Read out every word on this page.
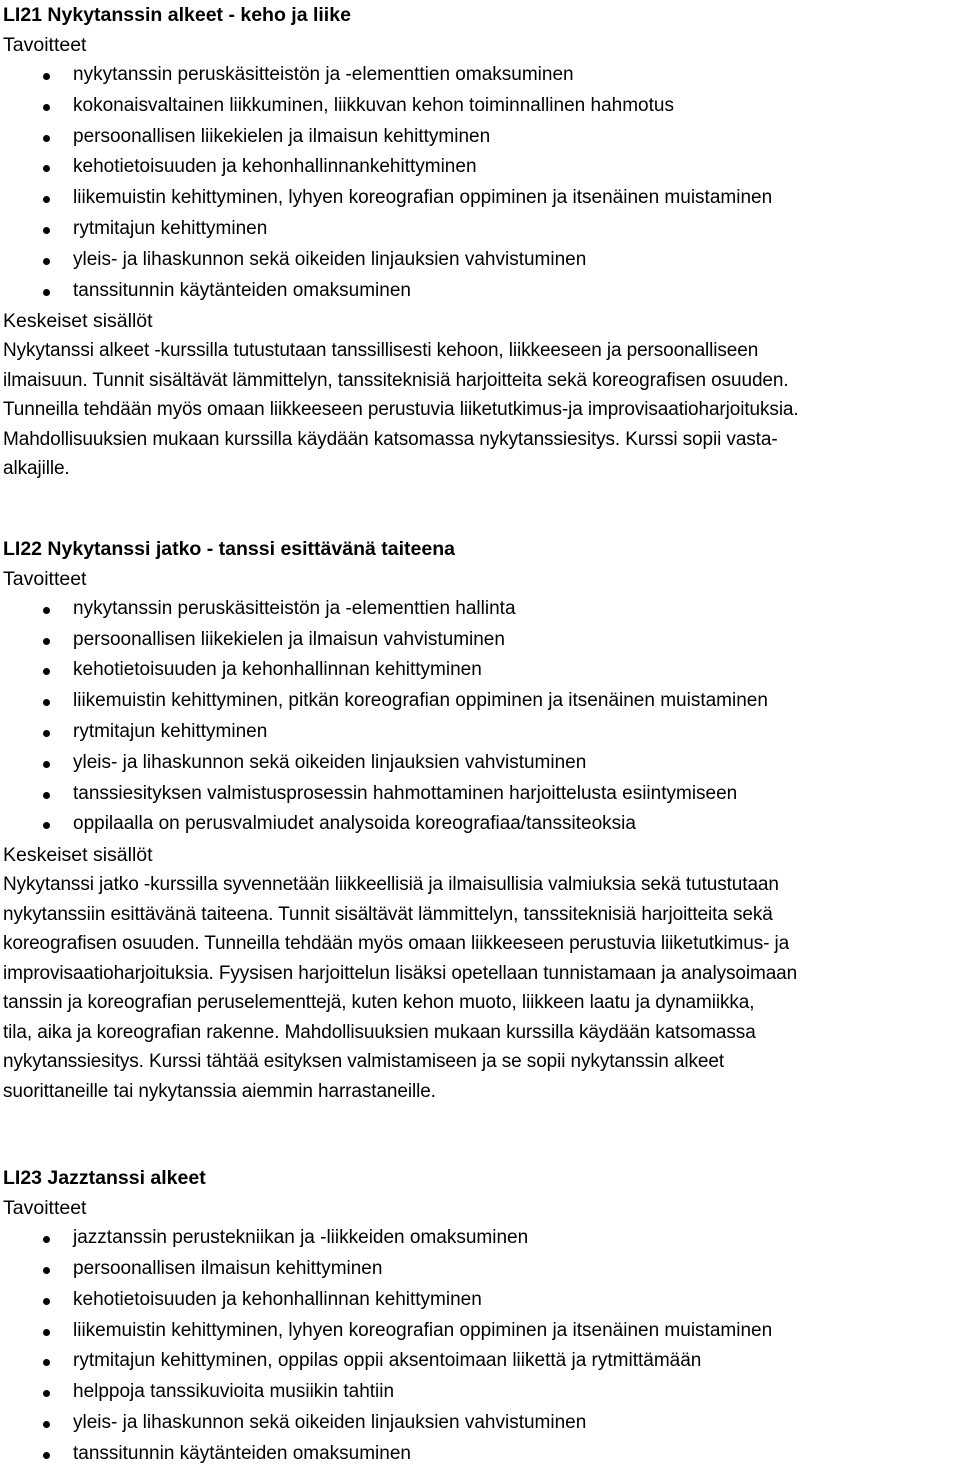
LI21 Nykytanssin alkeet - keho ja liike
Tavoitteet
nykytanssin peruskäsitteistön ja -elementtien omaksuminen
kokonaisvaltainen liikkuminen, liikkuvan kehon toiminnallinen hahmotus
persoonallisen liikekielen ja ilmaisun kehittyminen
kehotietoisuuden ja kehonhallinnankehittyminen
liikemuistin kehittyminen, lyhyen koreografian oppiminen ja itsenäinen muistaminen
rytmitajun kehittyminen
yleis- ja lihaskunnon sekä oikeiden linjauksien vahvistuminen
tanssitunnin käytänteiden omaksuminen
Keskeiset sisällöt
Nykytanssi alkeet -kurssilla tutustutaan tanssillisesti kehoon, liikkeeseen ja persoonalliseen
ilmaisuun. Tunnit sisältävät lämmittelyn, tanssiteknisiä harjoitteita sekä koreografisen osuuden.
Tunneilla tehdään myös omaan liikkeeseen perustuvia liiketutkimus-ja improvisaatioharjoituksia.
Mahdollisuuksien mukaan kurssilla käydään katsomassa nykytanssiesitys. Kurssi sopii vasta-
alkajille.
LI22 Nykytanssi jatko - tanssi esittävänä taiteena
Tavoitteet
nykytanssin peruskäsitteistön ja -elementtien hallinta
persoonallisen liikekielen ja ilmaisun vahvistuminen
kehotietoisuuden ja kehonhallinnan kehittyminen
liikemuistin kehittyminen, pitkän koreografian oppiminen ja itsenäinen muistaminen
rytmitajun kehittyminen
yleis- ja lihaskunnon sekä oikeiden linjauksien vahvistuminen
tanssiesityksen valmistusprosessin hahmottaminen harjoittelusta esiintymiseen
oppilaalla on perusvalmiudet analysoida koreografiaa/tanssiteoksia
Keskeiset sisällöt
Nykytanssi jatko -kurssilla syvennetään liikkeellisiä ja ilmaisullisia valmiuksia sekä tutustutaan
nykytanssiin esittävänä taiteena. Tunnit sisältävät lämmittelyn, tanssiteknisiä harjoitteita sekä
koreografisen osuuden. Tunneilla tehdään myös omaan liikkeeseen perustuvia liiketutkimus- ja
improvisaatioharjoituksia. Fyysisen harjoittelun lisäksi opetellaan tunnistamaan ja analysoimaan
tanssin ja koreografian peruselementtejä, kuten kehon muoto, liikkeen laatu ja dynamiikka,
tila, aika ja koreografian rakenne. Mahdollisuuksien mukaan kurssilla käydään katsomassa
nykytanssiesitys. Kurssi tähtää esityksen valmistamiseen ja se sopii nykytanssin alkeet
suorittaneille tai nykytanssia aiemmin harrastaneille.
LI23 Jazztanssi alkeet
Tavoitteet
jazztanssin perustekniikan ja -liikkeiden omaksuminen
persoonallisen ilmaisun kehittyminen
kehotietoisuuden ja kehonhallinnan kehittyminen
liikemuistin kehittyminen, lyhyen koreografian oppiminen ja itsenäinen muistaminen
rytmitajun kehittyminen, oppilas oppii aksentoimaan liikettä ja rytmittämään
helppoja tanssikuvioita musiikin tahtiin
yleis- ja lihaskunnon sekä oikeiden linjauksien vahvistuminen
tanssitunnin käytänteiden omaksuminen
